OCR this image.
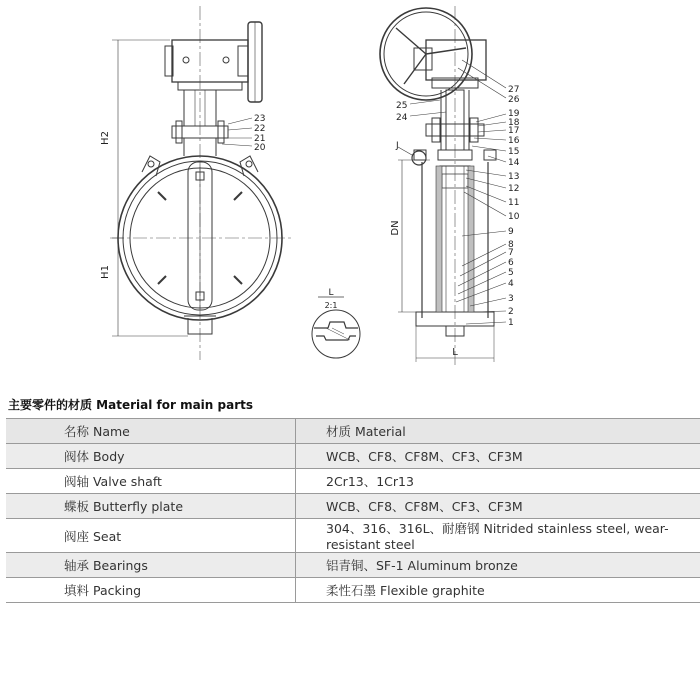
H2
H1
23
22
21
20
L
2:1
J
DN
L
27
26
25
24	19
18
17
16
15
14
13
12
11
10
9
8
7
6
5
4
3
2
1
主要零件的材质 Material for main parts
名称 Name	材质 Material
阀体 Body	WCB、CF8、CF8M、CF3、CF3M
阀轴 Valve shaft	2Cr13、1Cr13
蝶板 Butterfly plate	WCB、CF8、CF8M、CF3、CF3M
阀座 Seat	304、316、316L、耐磨钢 Nitrided stainless steel, wear-resistant steel
轴承 Bearings	铝青铜、SF-1 Aluminum bronze
填料 Packing	柔性石墨 Flexible graphite
